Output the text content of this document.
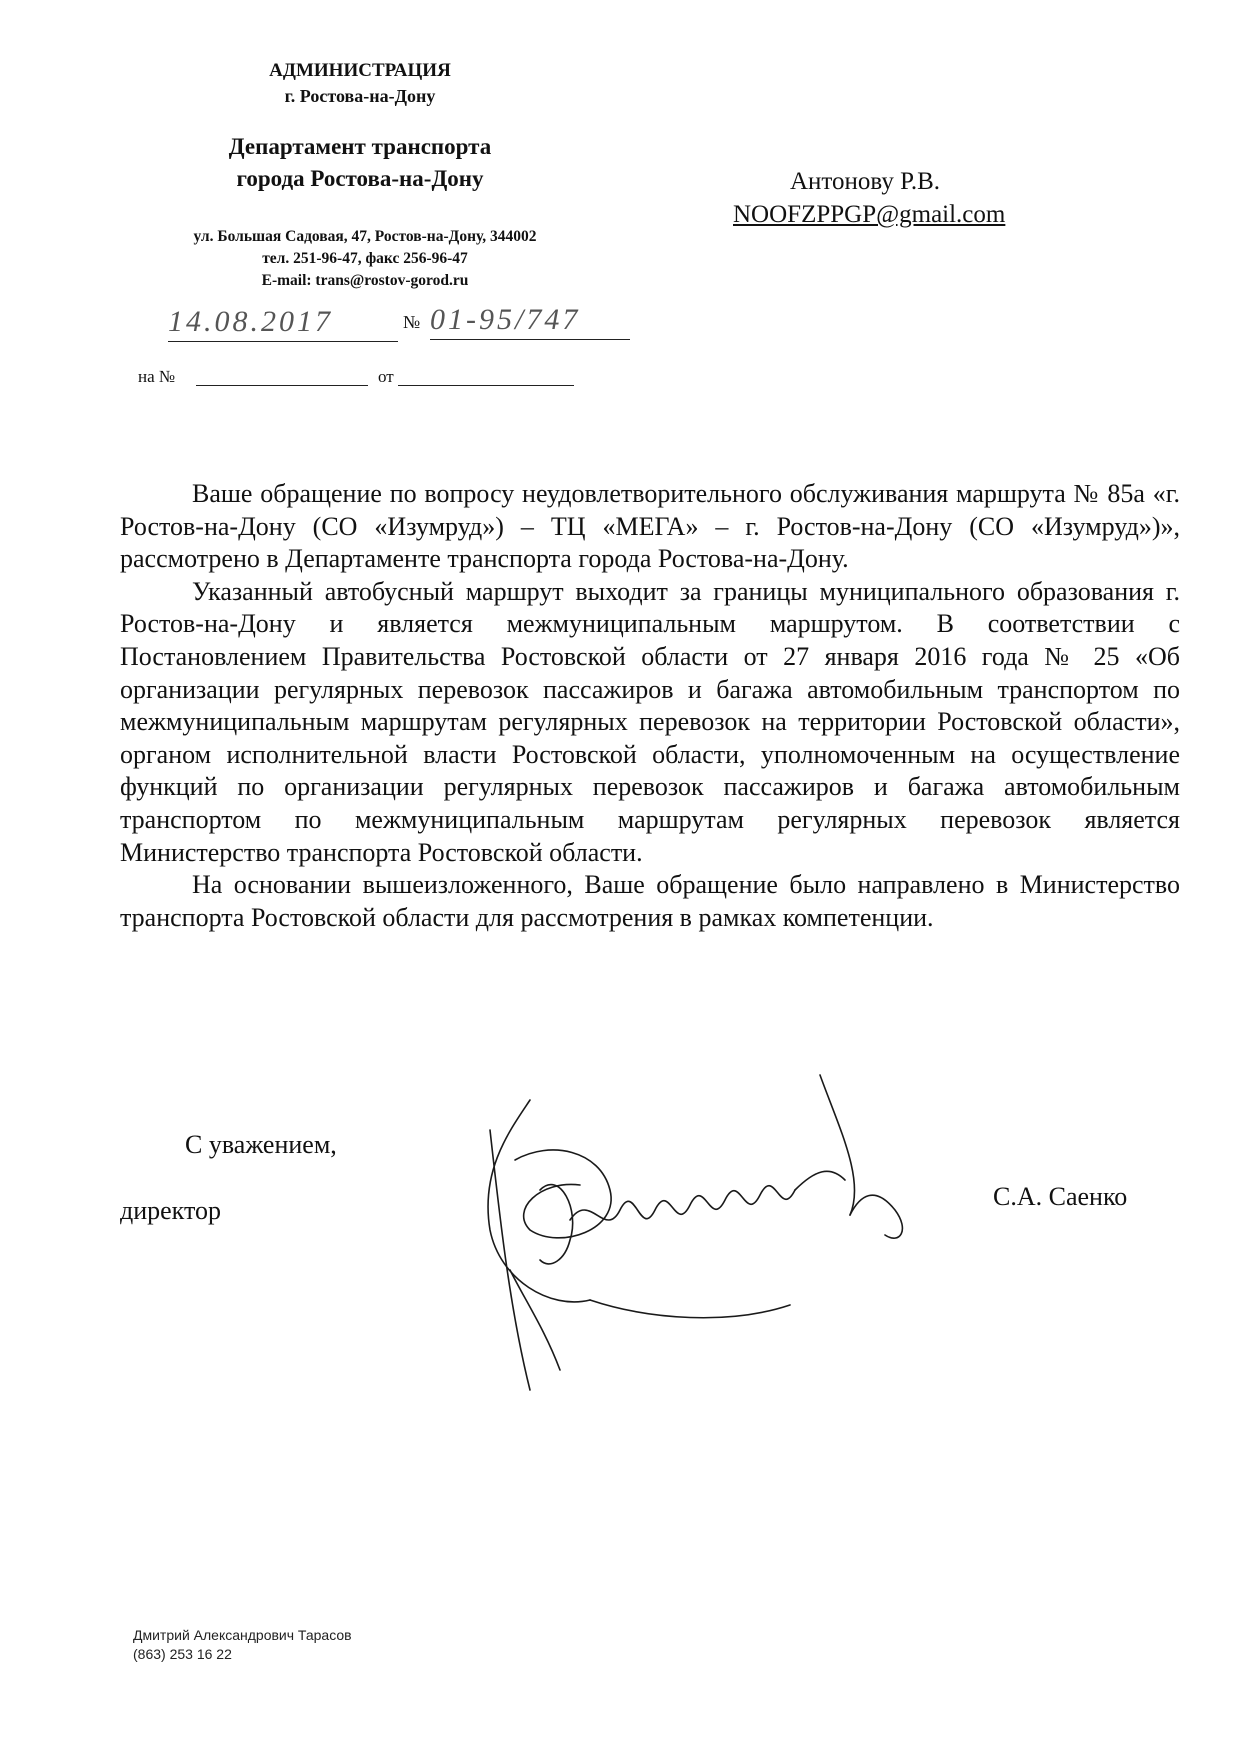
АДМИНИСТРАЦИЯ
г. Ростова-на-Дону
Департамент транспорта
города Ростова-на-Дону
ул. Большая Садовая, 47, Ростов-на-Дону, 344002
тел. 251-96-47, факс 256-96-47
E-mail: trans@rostov-gorod.ru
14.08.2017	№ 01-95/747
на №	от
Антонову Р.В.
NOOFZPPGP@gmail.com

Ваше обращение по вопросу неудовлетворительного обслуживания маршрута № 85а «г. Ростов-на-Дону (СО «Изумруд») – ТЦ «МЕГА» – г. Ростов-на-Дону (СО «Изумруд»)», рассмотрено в Департаменте транспорта города Ростова-на-Дону.

Указанный автобусный маршрут выходит за границы муниципального образования г. Ростов-на-Дону и является межмуниципальным маршрутом. В соответствии с Постановлением Правительства Ростовской области от 27 января 2016 года № 25 «Об организации регулярных перевозок пассажиров и багажа автомобильным транспортом по межмуниципальным маршрутам регулярных перевозок на территории Ростовской области», органом исполнительной власти Ростовской области, уполномоченным на осуществление функций по организации регулярных перевозок пассажиров и багажа автомобильным транспортом по межмуниципальным маршрутам регулярных перевозок является Министерство транспорта Ростовской области.

На основании вышеизложенного, Ваше обращение было направлено в Министерство транспорта Ростовской области для рассмотрения в рамках компетенции.

С уважением,
директор	С.А. Саенко
Дмитрий Александрович Тарасов
(863) 253 16 22
